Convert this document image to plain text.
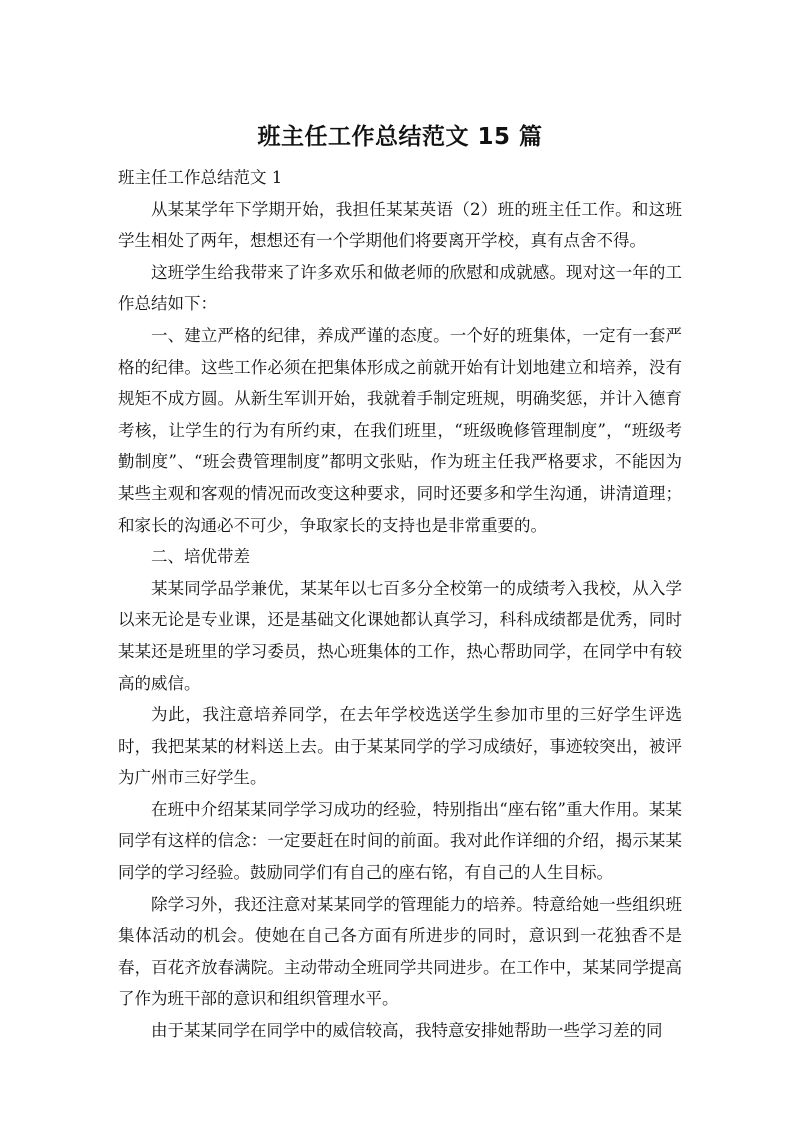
班主任工作总结范文 15 篇

班主任工作总结范文 1

从某某学年下学期开始，我担任某某英语（2）班的班主任工作。和这班学生相处了两年，想想还有一个学期他们将要离开学校，真有点舍不得。

这班学生给我带来了许多欢乐和做老师的欣慰和成就感。现对这一年的工作总结如下：

一、建立严格的纪律，养成严谨的态度。一个好的班集体，一定有一套严格的纪律。这些工作必须在把集体形成之前就开始有计划地建立和培养，没有规矩不成方圆。从新生军训开始，我就着手制定班规，明确奖惩，并计入德育考核，让学生的行为有所约束，在我们班里，“班级晚修管理制度”，“班级考勤制度”、“班会费管理制度”都明文张贴，作为班主任我严格要求，不能因为某些主观和客观的情况而改变这种要求，同时还要多和学生沟通，讲清道理；和家长的沟通必不可少，争取家长的支持也是非常重要的。

二、培优带差

某某同学品学兼优，某某年以七百多分全校第一的成绩考入我校，从入学以来无论是专业课，还是基础文化课她都认真学习，科科成绩都是优秀，同时某某还是班里的学习委员，热心班集体的工作，热心帮助同学，在同学中有较高的威信。

为此，我注意培养同学，在去年学校选送学生参加市里的三好学生评选时，我把某某的材料送上去。由于某某同学的学习成绩好，事迹较突出，被评为广州市三好学生。

在班中介绍某某同学学习成功的经验，特别指出“座右铭”重大作用。某某同学有这样的信念：一定要赶在时间的前面。我对此作详细的介绍，揭示某某同学的学习经验。鼓励同学们有自己的座右铭，有自己的人生目标。

除学习外，我还注意对某某同学的管理能力的培养。特意给她一些组织班集体活动的机会。使她在自己各方面有所进步的同时，意识到一花独香不是春，百花齐放春满院。主动带动全班同学共同进步。在工作中，某某同学提高了作为班干部的意识和组织管理水平。

由于某某同学在同学中的威信较高，我特意安排她帮助一些学习差的同
